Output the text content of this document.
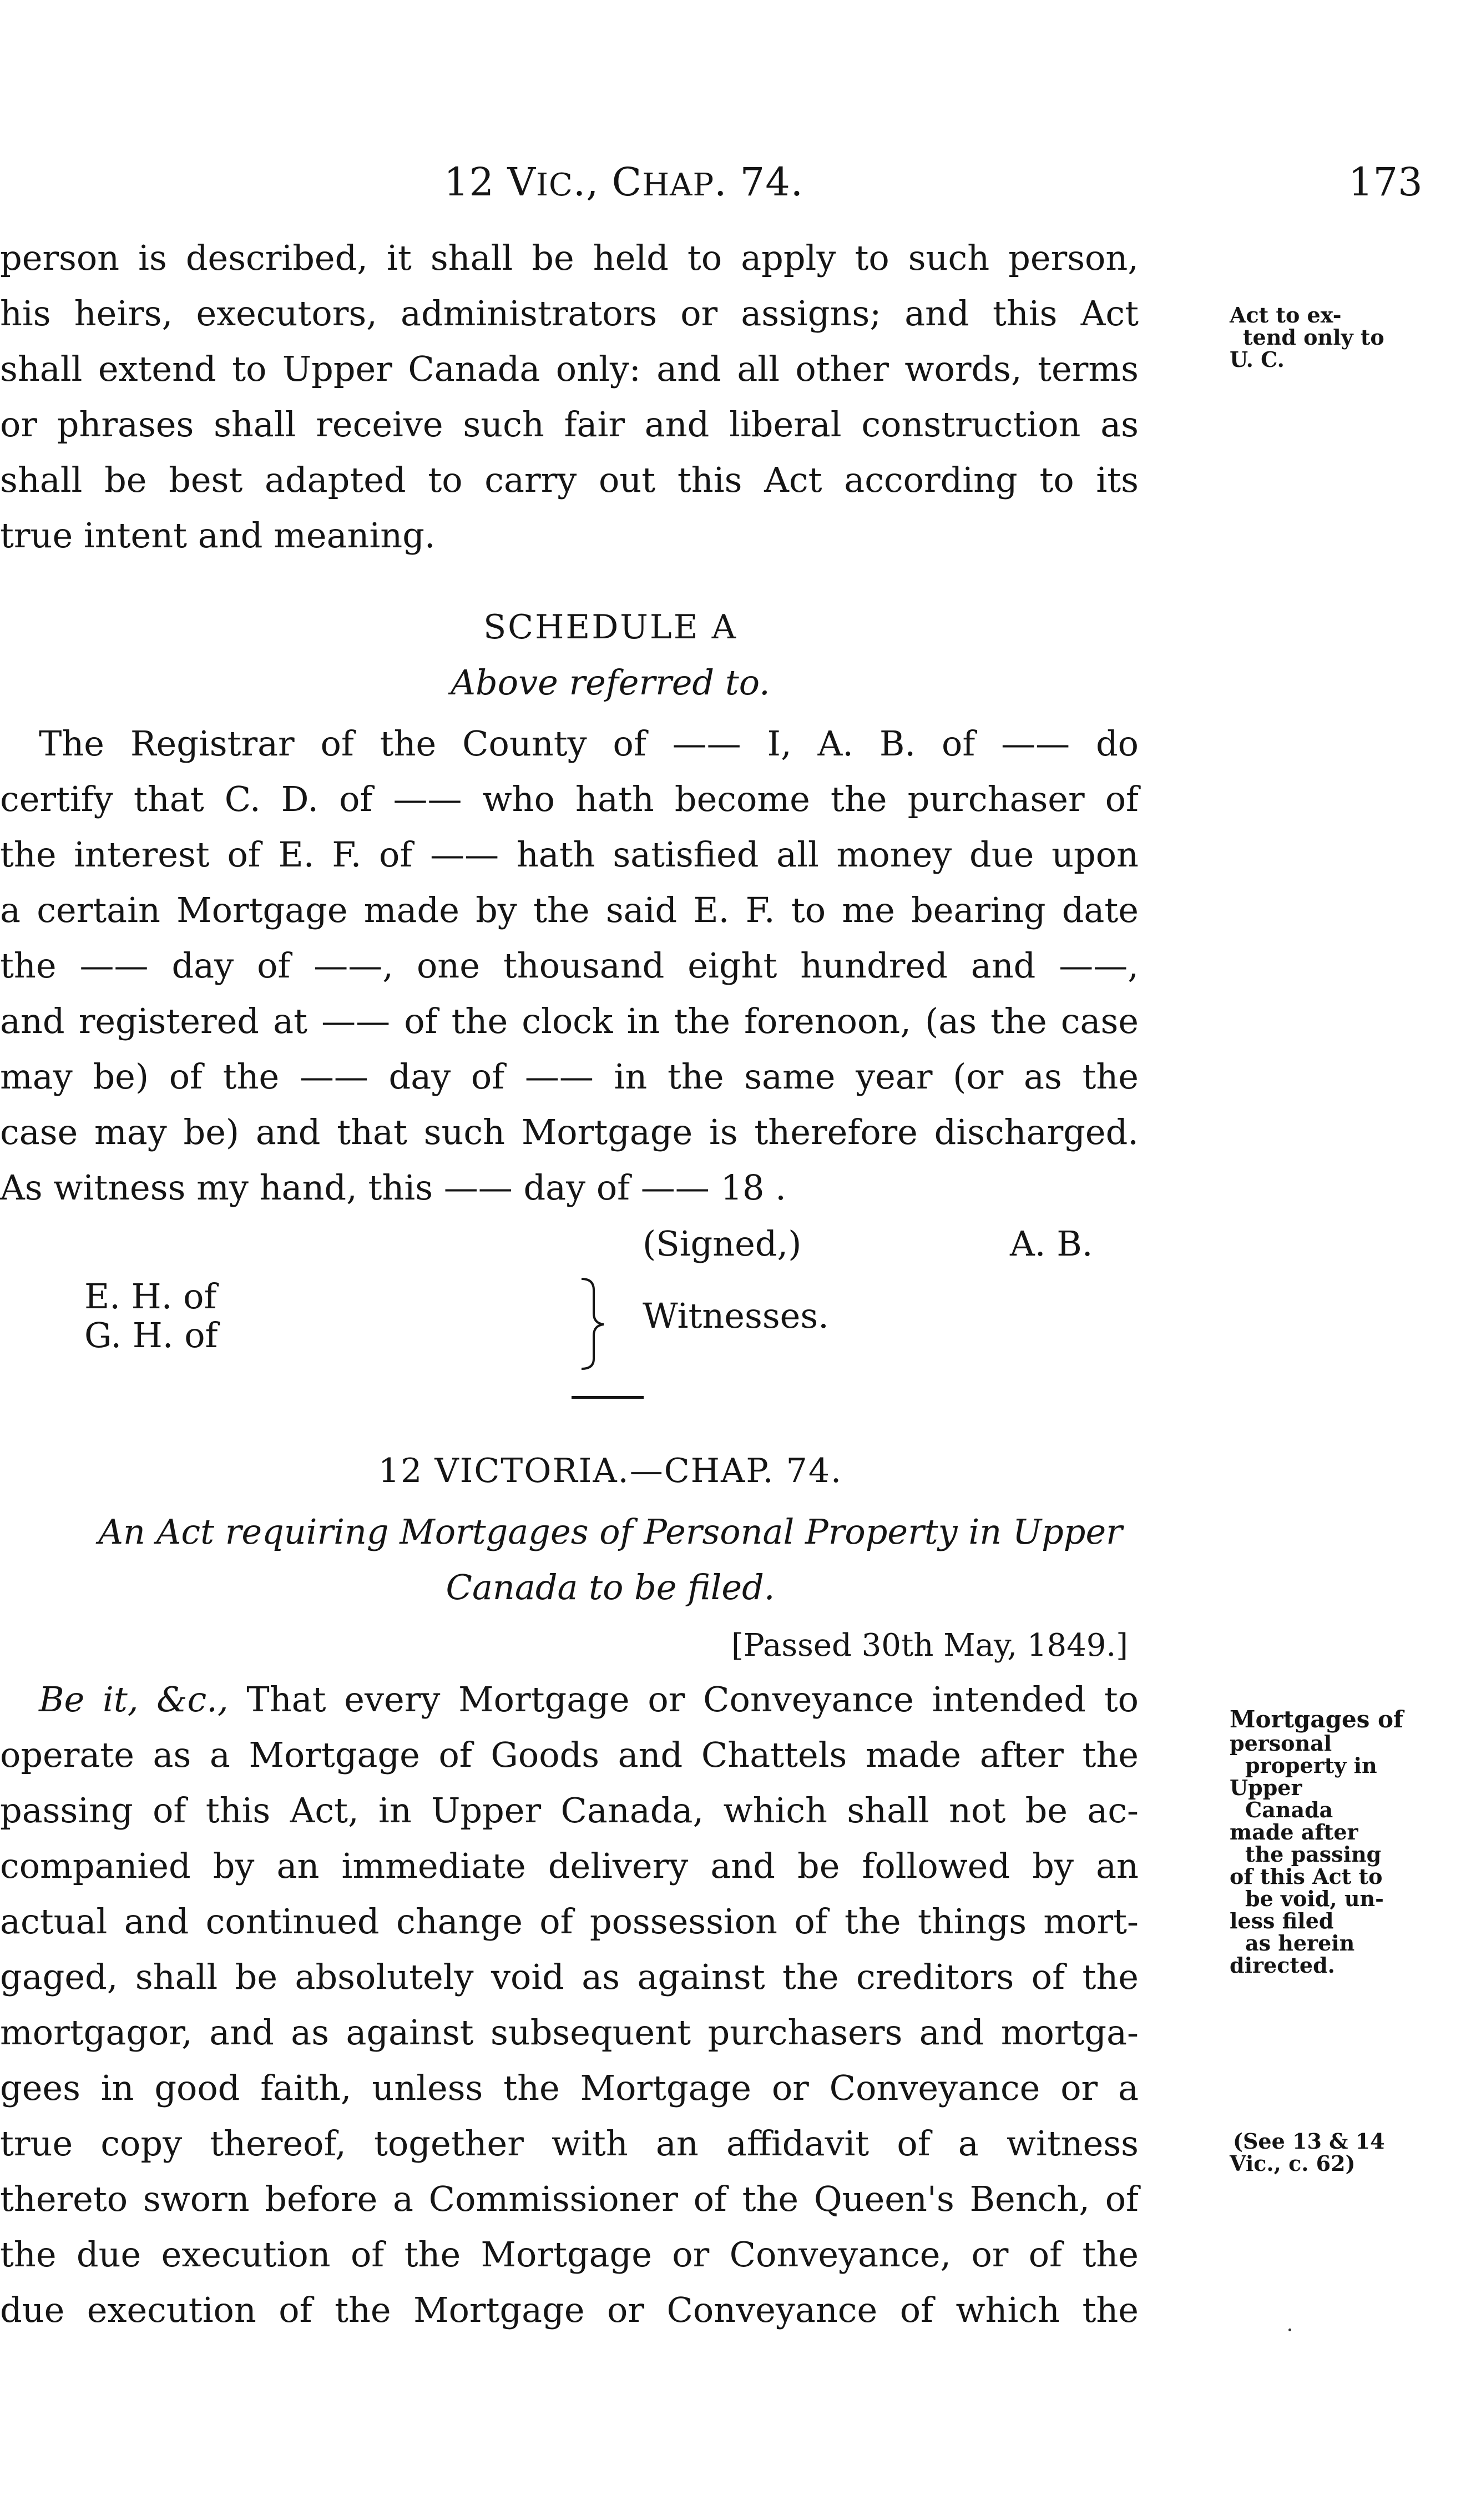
12 VIC., CHAP. 74.	173
person is described, it shall be held to apply to such person,
his heirs, executors, administrators or assigns; and this Act
shall extend to Upper Canada only: and all other words, terms
or phrases shall receive such fair and liberal construction as
shall be best adapted to carry out this Act according to its
true intent and meaning.
Act to ex-
tend only to
U. C.
SCHEDULE A
Above referred to.
The Registrar of the County of —— I, A. B. of —— do
certify that C. D. of —— who hath become the purchaser of
the interest of E. F. of —— hath satisfied all money due upon
a certain Mortgage made by the said E. F. to me bearing date
the —— day of ——, one thousand eight hundred and ——,
and registered at —— of the clock in the forenoon, (as the case
may be) of the —— day of —— in the same year (or as the
case may be) and that such Mortgage is therefore discharged.
As witness my hand, this —— day of —— 18 .
(Signed,)	A. B.
E. H. of
G. H. of	Witnesses.
12 VICTORIA.—CHAP. 74.
An Act requiring Mortgages of Personal Property in Upper
Canada to be filed.
[Passed 30th May, 1849.]
Be it, &c., That every Mortgage or Conveyance intended to
operate as a Mortgage of Goods and Chattels made after the
passing of this Act, in Upper Canada, which shall not be ac-
companied by an immediate delivery and be followed by an
actual and continued change of possession of the things mort-
gaged, shall be absolutely void as against the creditors of the
mortgagor, and as against subsequent purchasers and mortga-
gees in good faith, unless the Mortgage or Conveyance or a
true copy thereof, together with an affidavit of a witness
thereto sworn before a Commissioner of the Queen's Bench, of
the due execution of the Mortgage or Conveyance, or of the
due execution of the Mortgage or Conveyance of which the
Mortgages of
personal
property in
Upper
Canada
made after
the passing
of this Act to
be void, un-
less filed
as herein
directed.
(See 13 & 14
Vic., c. 62)
